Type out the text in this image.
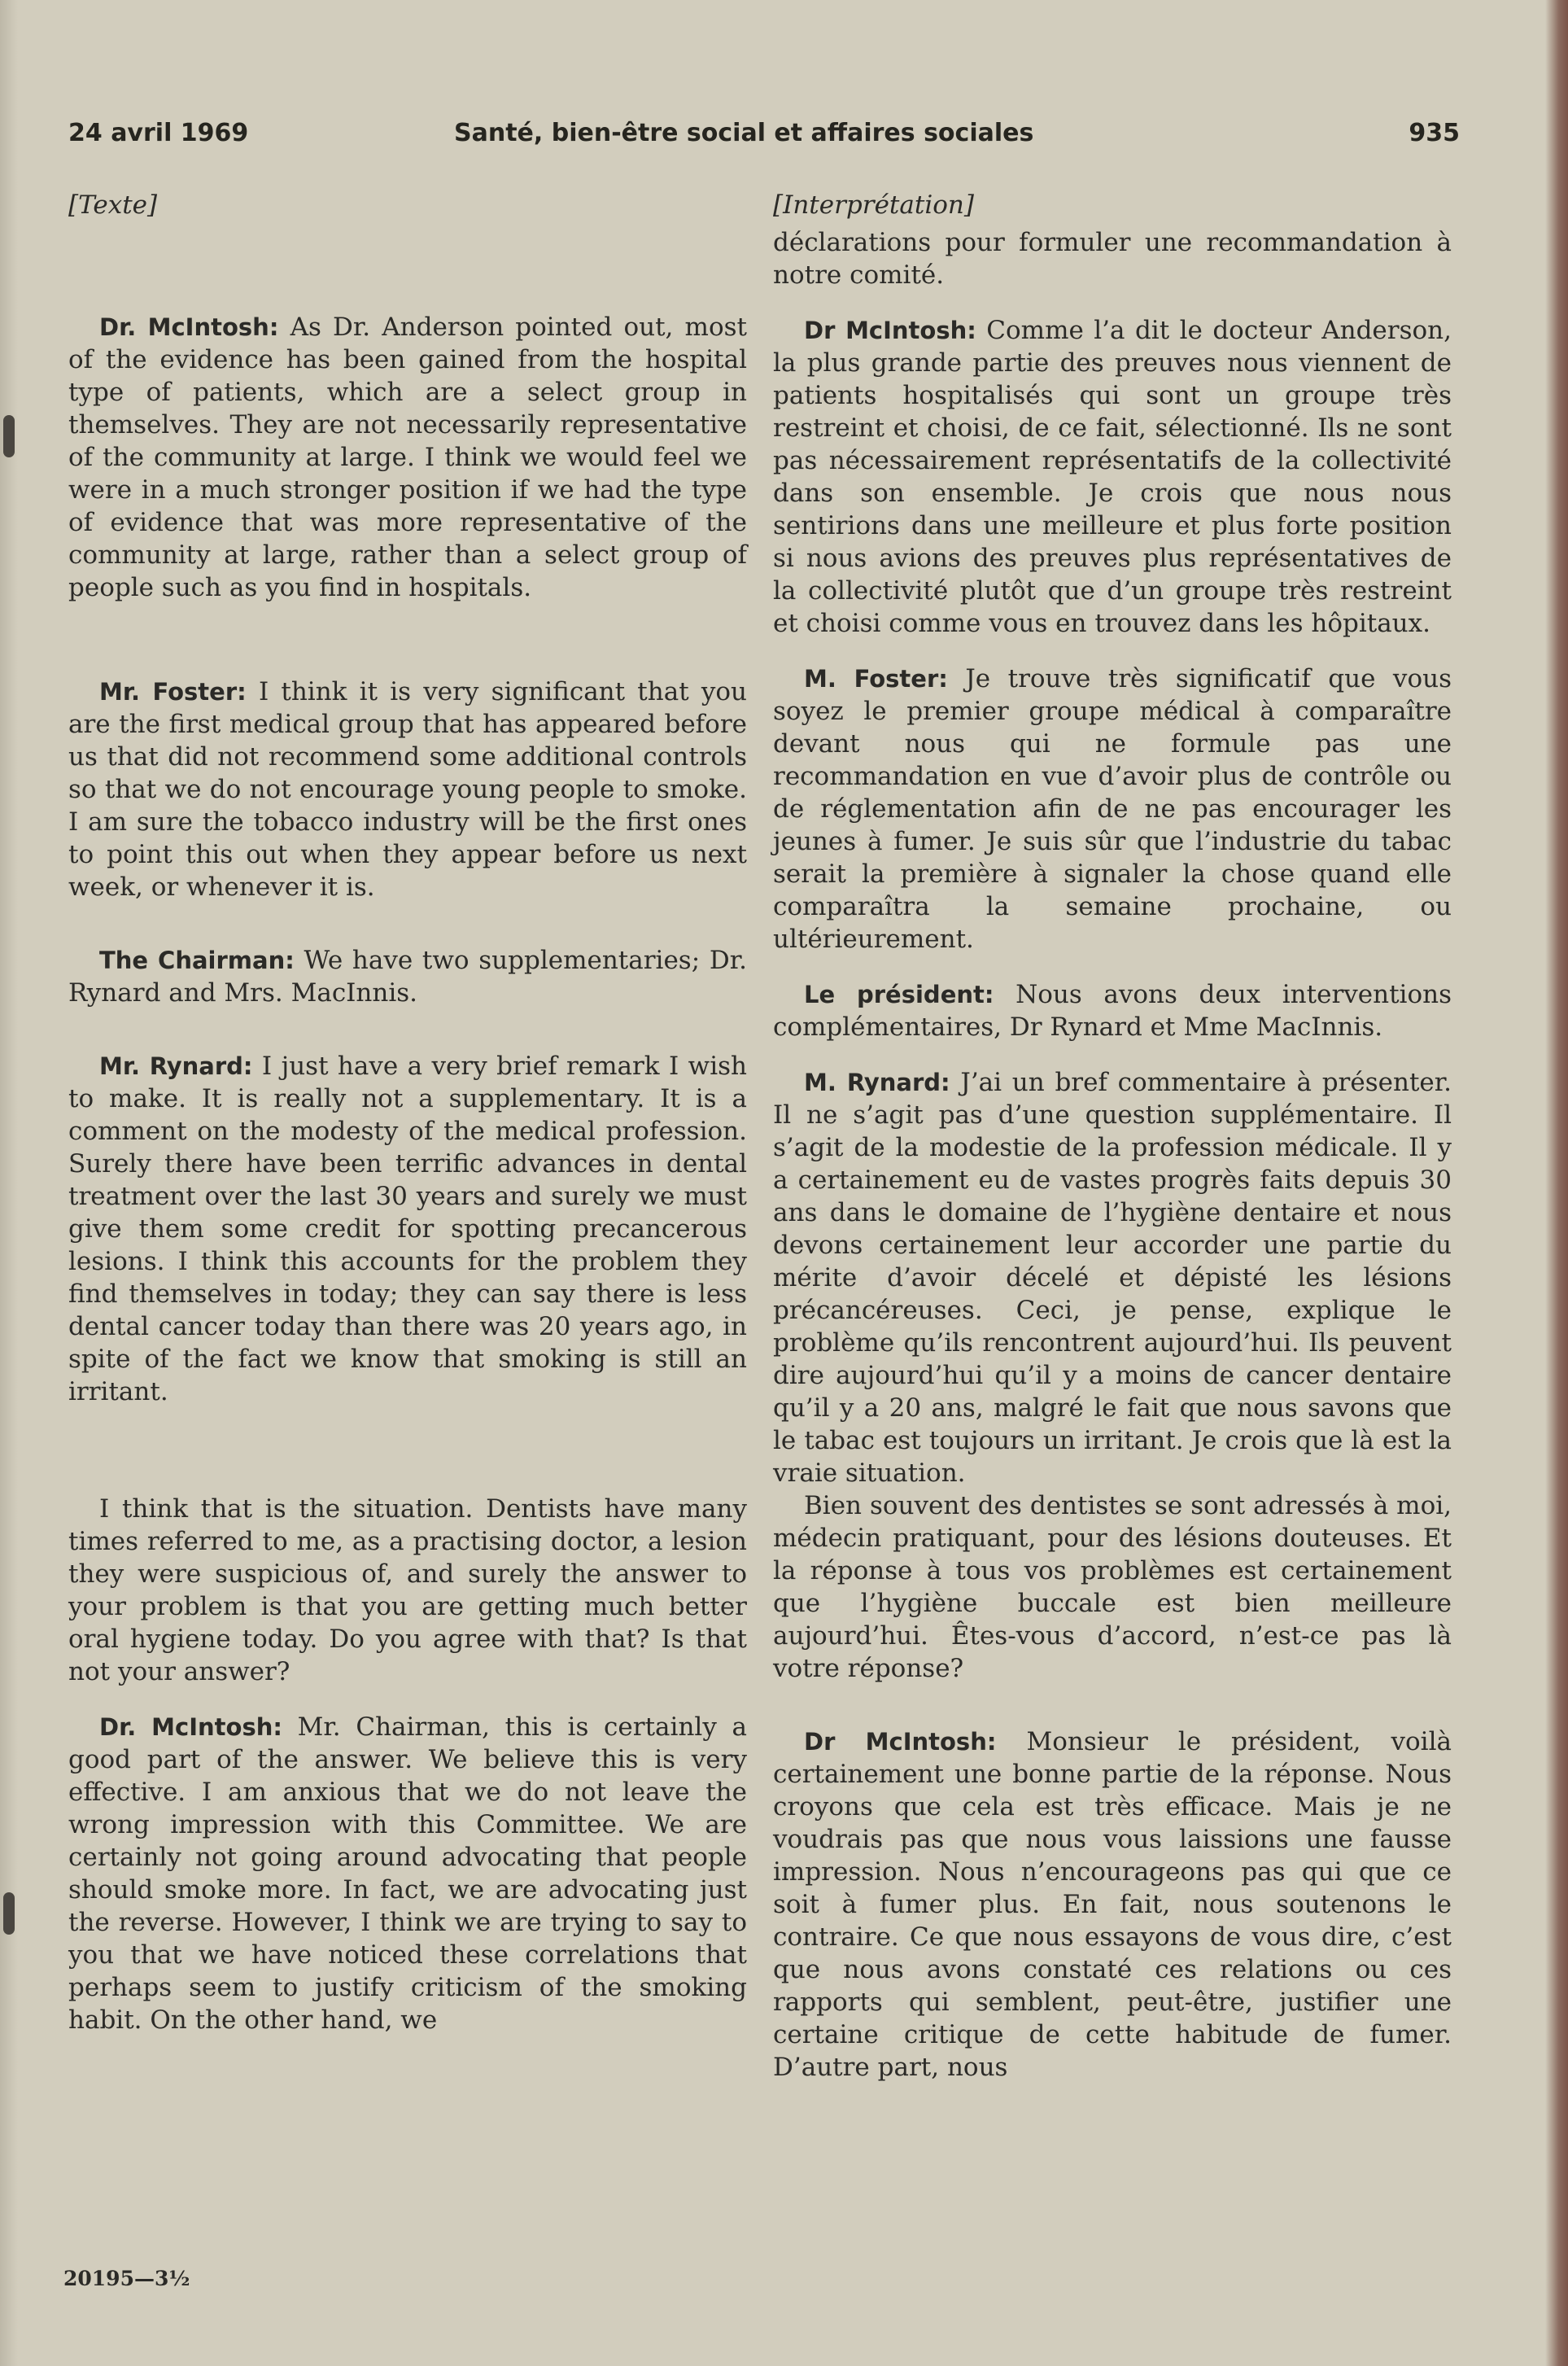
24 avril 1969	Santé, bien-être social et affaires sociales	935
[Texte]

Dr. McIntosh: As Dr. Anderson pointed out, most of the evidence has been gained from the hospital type of patients, which are a select group in themselves. They are not necessarily representative of the community at large. I think we would feel we were in a much stronger position if we had the type of evidence that was more representative of the community at large, rather than a select group of people such as you find in hospitals.

Mr. Foster: I think it is very significant that you are the first medical group that has appeared before us that did not recommend some additional controls so that we do not encourage young people to smoke. I am sure the tobacco industry will be the first ones to point this out when they appear before us next week, or whenever it is.

The Chairman: We have two supplementaries; Dr. Rynard and Mrs. MacInnis.

Mr. Rynard: I just have a very brief remark I wish to make. It is really not a supplementary. It is a comment on the modesty of the medical profession. Surely there have been terrific advances in dental treatment over the last 30 years and surely we must give them some credit for spotting precancerous lesions. I think this accounts for the problem they find themselves in today; they can say there is less dental cancer today than there was 20 years ago, in spite of the fact we know that smoking is still an irritant.

I think that is the situation. Dentists have many times referred to me, as a practising doctor, a lesion they were suspicious of, and surely the answer to your problem is that you are getting much better oral hygiene today. Do you agree with that? Is that not your answer?

Dr. McIntosh: Mr. Chairman, this is certainly a good part of the answer. We believe this is very effective. I am anxious that we do not leave the wrong impression with this Committee. We are certainly not going around advocating that people should smoke more. In fact, we are advocating just the reverse. However, I think we are trying to say to you that we have noticed these correlations that perhaps seem to justify criticism of the smoking habit. On the other hand, we

[Interprétation]

déclarations pour formuler une recommandation à notre comité.

Dr McIntosh: Comme l’a dit le docteur Anderson, la plus grande partie des preuves nous viennent de patients hospitalisés qui sont un groupe très restreint et choisi, de ce fait, sélectionné. Ils ne sont pas nécessairement représentatifs de la collectivité dans son ensemble. Je crois que nous nous sentirions dans une meilleure et plus forte position si nous avions des preuves plus représentatives de la collectivité plutôt que d’un groupe très restreint et choisi comme vous en trouvez dans les hôpitaux.

M. Foster: Je trouve très significatif que vous soyez le premier groupe médical à comparaître devant nous qui ne formule pas une recommandation en vue d’avoir plus de contrôle ou de réglementation afin de ne pas encourager les jeunes à fumer. Je suis sûr que l’industrie du tabac serait la première à signaler la chose quand elle comparaîtra la semaine prochaine, ou ultérieurement.

Le président: Nous avons deux interventions complémentaires, Dr Rynard et Mme MacInnis.

M. Rynard: J’ai un bref commentaire à présenter. Il ne s’agit pas d’une question supplémentaire. Il s’agit de la modestie de la profession médicale. Il y a certainement eu de vastes progrès faits depuis 30 ans dans le domaine de l’hygiène dentaire et nous devons certainement leur accorder une partie du mérite d’avoir décelé et dépisté les lésions précancéreuses. Ceci, je pense, explique le problème qu’ils rencontrent aujourd’hui. Ils peuvent dire aujourd’hui qu’il y a moins de cancer dentaire qu’il y a 20 ans, malgré le fait que nous savons que le tabac est toujours un irritant. Je crois que là est la vraie situation.

Bien souvent des dentistes se sont adressés à moi, médecin pratiquant, pour des lésions douteuses. Et la réponse à tous vos problèmes est certainement que l’hygiène buccale est bien meilleure aujourd’hui. Êtes-vous d’accord, n’est-ce pas là votre réponse?

Dr McIntosh: Monsieur le président, voilà certainement une bonne partie de la réponse. Nous croyons que cela est très efficace. Mais je ne voudrais pas que nous vous laissions une fausse impression. Nous n’encourageons pas qui que ce soit à fumer plus. En fait, nous soutenons le contraire. Ce que nous essayons de vous dire, c’est que nous avons constaté ces relations ou ces rapports qui semblent, peut-être, justifier une certaine critique de cette habitude de fumer. D’autre part, nous

20195—3½
